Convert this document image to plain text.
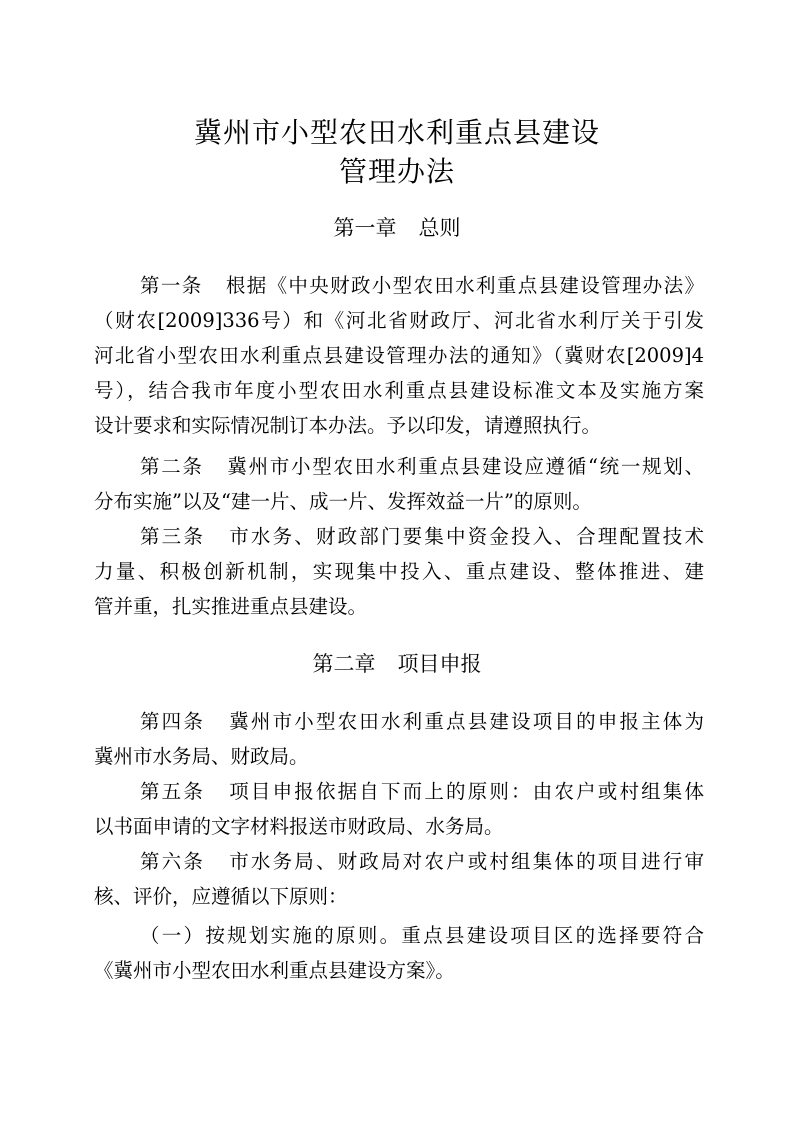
冀州市小型农田水利重点县建设
管理办法
第一章 总则
第一条 根据《中央财政小型农田水利重点县建设管理办法》
（财农[2009]336号）和《河北省财政厅、河北省水利厅关于引发
河北省小型农田水利重点县建设管理办法的通知》（冀财农[2009]4
号），结合我市年度小型农田水利重点县建设标准文本及实施方案
设计要求和实际情况制订本办法。予以印发，请遵照执行。
第二条 冀州市小型农田水利重点县建设应遵循“统一规划、
分布实施”以及“建一片、成一片、发挥效益一片”的原则。
第三条 市水务、财政部门要集中资金投入、合理配置技术
力量、积极创新机制，实现集中投入、重点建设、整体推进、建
管并重，扎实推进重点县建设。
第二章 项目申报
第四条 冀州市小型农田水利重点县建设项目的申报主体为
冀州市水务局、财政局。
第五条 项目申报依据自下而上的原则：由农户或村组集体
以书面申请的文字材料报送市财政局、水务局。
第六条 市水务局、财政局对农户或村组集体的项目进行审
核、评价，应遵循以下原则：
（一）按规划实施的原则。重点县建设项目区的选择要符合
《冀州市小型农田水利重点县建设方案》。
